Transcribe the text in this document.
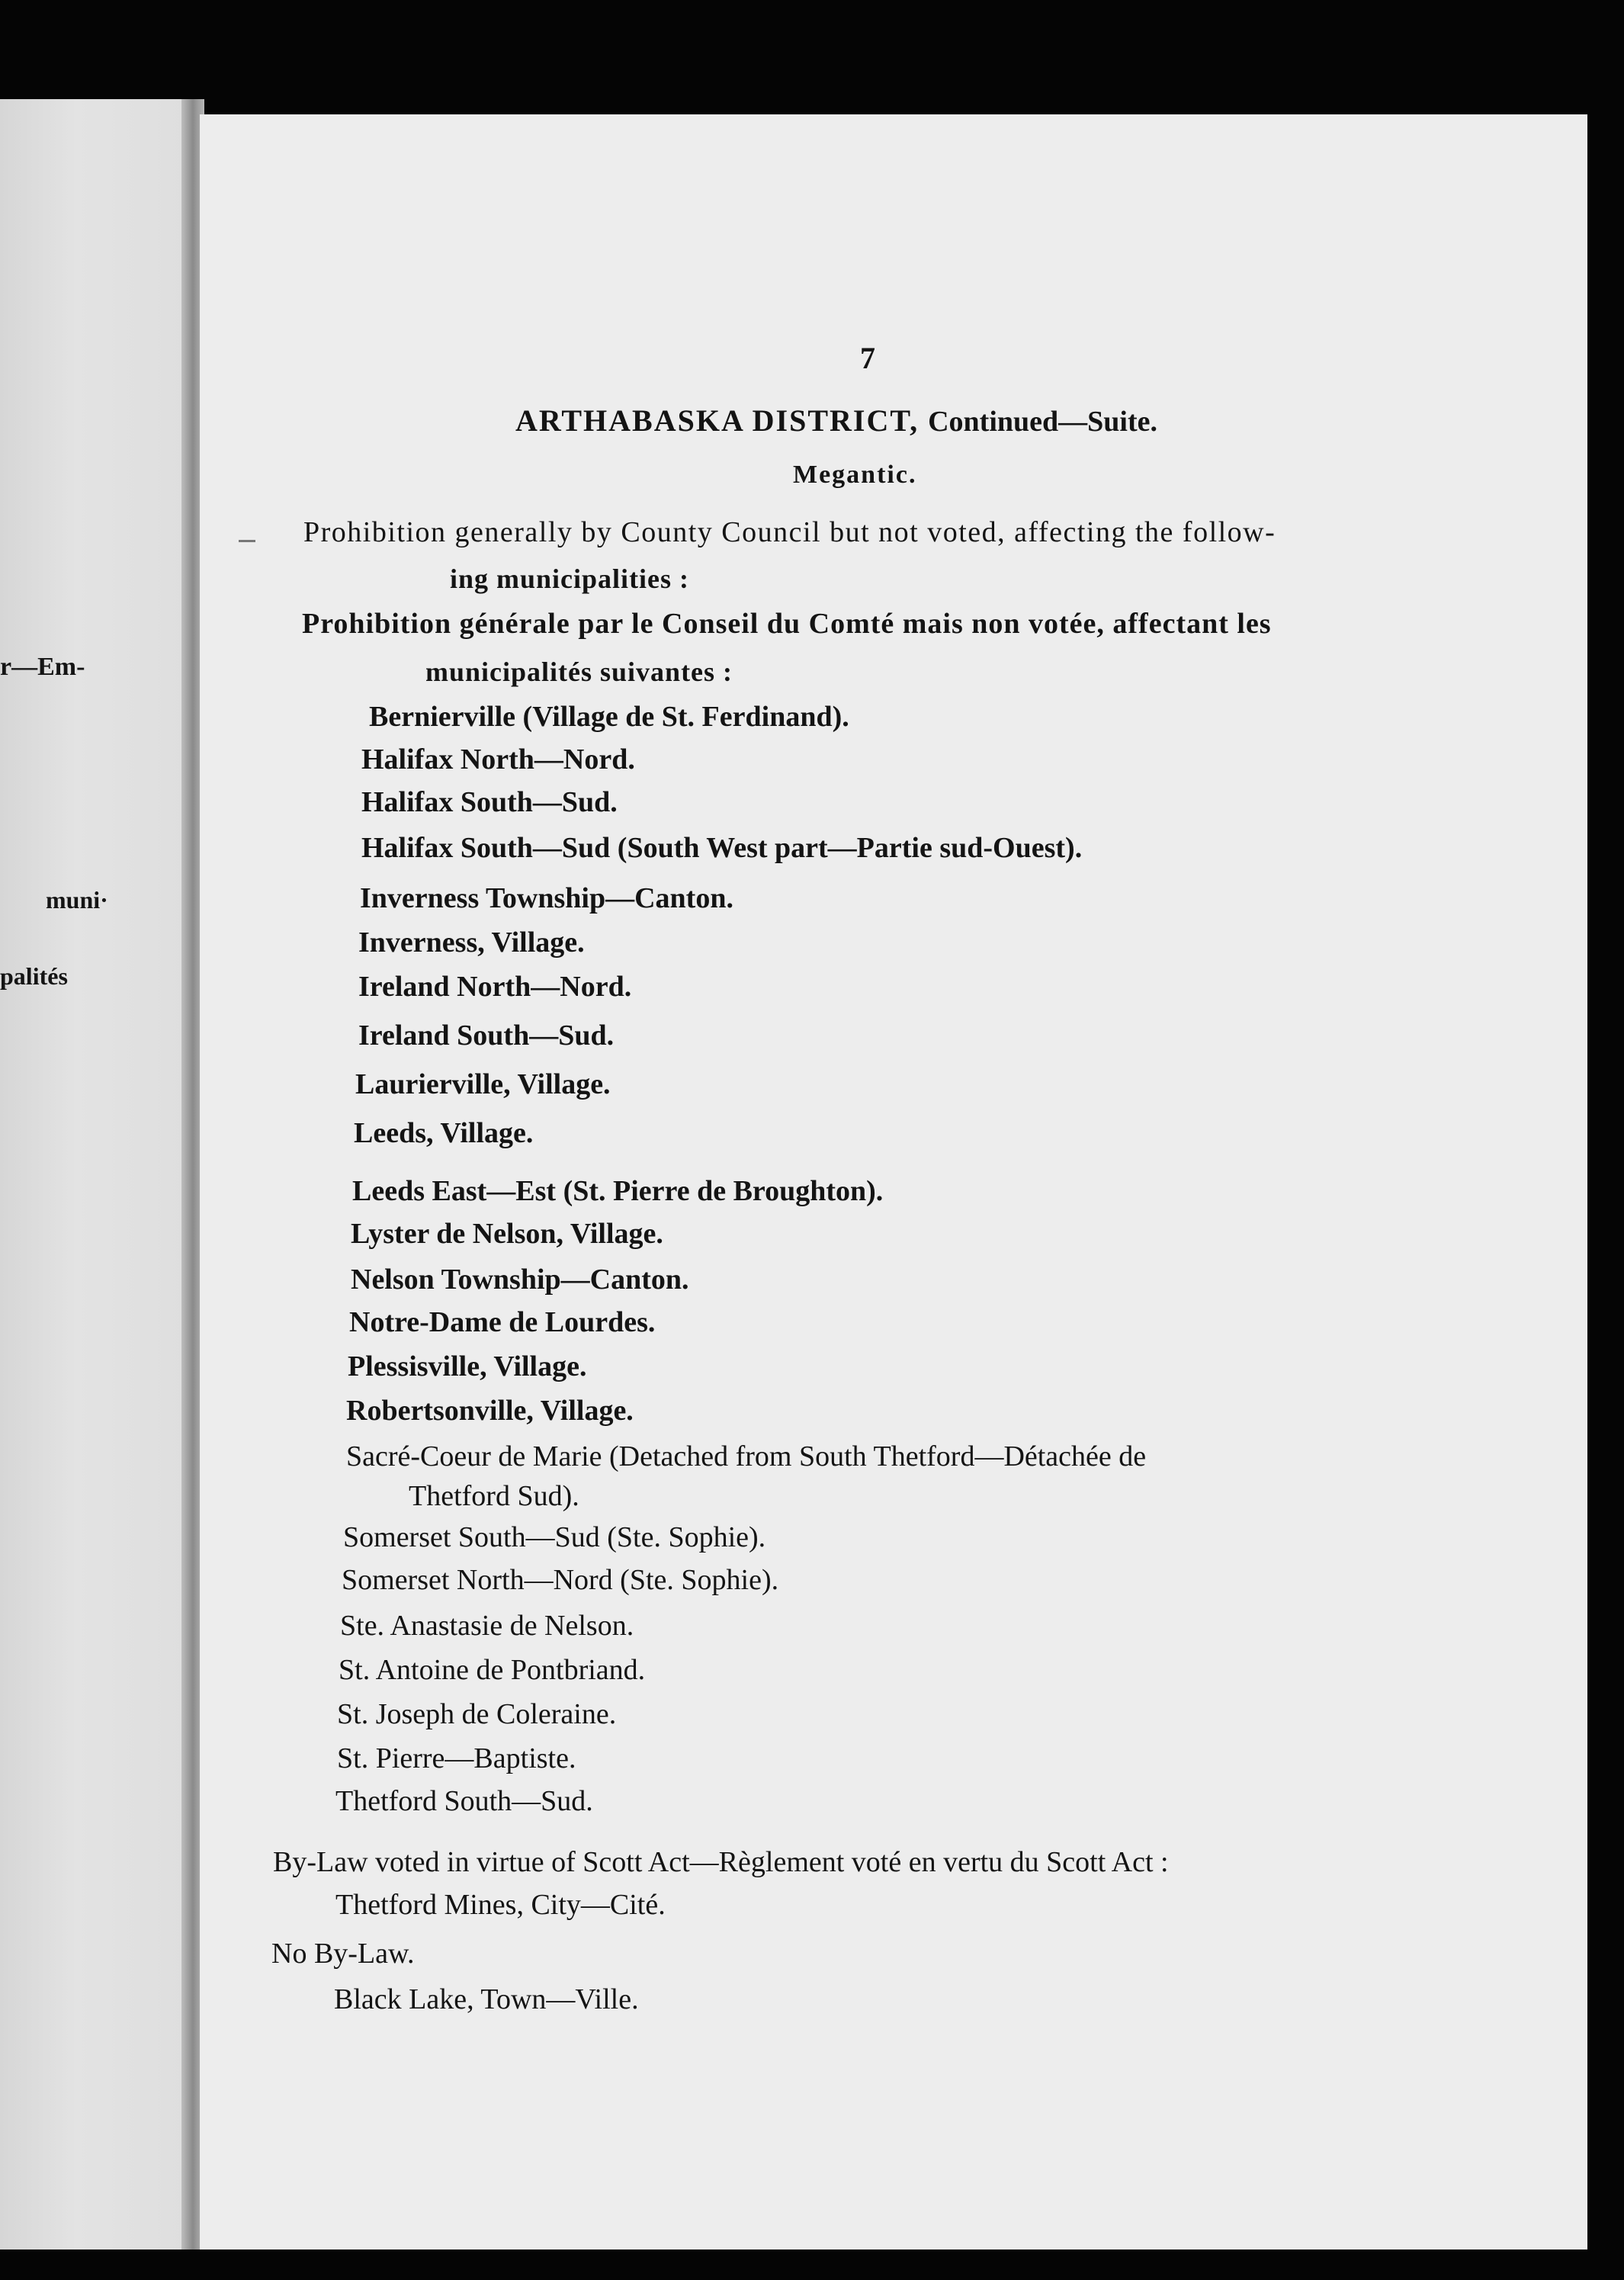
r—Em-
muni·
palités
7
ARTHABASKA DISTRICT, Continued—Suite.
Megantic.
Prohibition generally by County Council but not voted, affecting the follow-
ing municipalities :
Prohibition générale par le Conseil du Comté mais non votée, affectant les
municipalités suivantes :
Bernierville (Village de St. Ferdinand).
Halifax North—Nord.
Halifax South—Sud.
Halifax South—Sud (South West part—Partie sud-Ouest).
Inverness Township—Canton.
Inverness, Village.
Ireland North—Nord.
Ireland South—Sud.
Laurierville, Village.
Leeds, Village.
Leeds East—Est (St. Pierre de Broughton).
Lyster de Nelson, Village.
Nelson Township—Canton.
Notre-Dame de Lourdes.
Plessisville, Village.
Robertsonville, Village.
Sacré-Coeur de Marie (Detached from South Thetford—Détachée de
Thetford Sud).
Somerset South—Sud (Ste. Sophie).
Somerset North—Nord (Ste. Sophie).
Ste. Anastasie de Nelson.
St. Antoine de Pontbriand.
St. Joseph de Coleraine.
St. Pierre—Baptiste.
Thetford South—Sud.
By-Law voted in virtue of Scott Act—Règlement voté en vertu du Scott Act :
Thetford Mines, City—Cité.
No By-Law.
Black Lake, Town—Ville.
